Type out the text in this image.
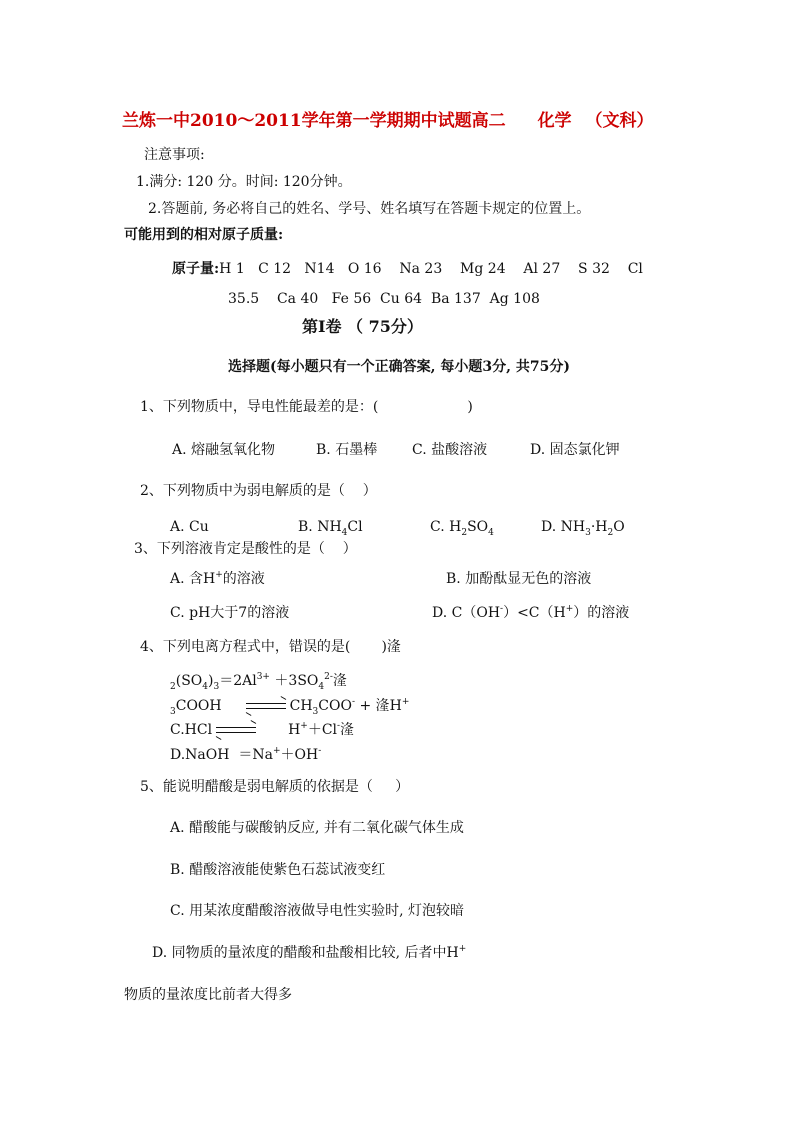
兰炼一中2010～2011学年第一学期期中试题高二 化学 （文科）
注意事项:
1.满分: 120 分。时间: 120分钟。
2.答题前, 务必将自己的姓名、学号、姓名填写在答题卡规定的位置上。
可能用到的相对原子质量:
原子量:H 1   C 12   N14   O 16    Na 23    Mg 24    Al 27    S 32    Cl
35.5    Ca 40   Fe 56  Cu 64  Ba 137  Ag 108
第I卷 （ 75分）
选择题(每小题只有一个正确答案, 每小题3分, 共75分)
1、下列物质中，导电性能最差的是：(                    )
A. 熔融氢氧化物	B. 石墨棒 C. 盐酸溶液	D. 固态氯化钾
2、下列物质中为弱电解质的是（    ）
A. Cu	B. $NH_4Cl$	C. $H_2SO_4$	D. $NH_3\cdot H_2O$
3、下列溶液肯定是酸性的是（    ）
A. 含H+的溶液	B. 加酚酞显无色的溶液
C. pH大于7的溶液	D. C（OH-）<C（H+）的溶液
4、下列电离方程式中，错误的是(       )湰
$_2(SO_4)_3=2Al^{3+} +3SO_4^{2-}$湰
$_3$COOH	$CH_3COO^-$ + 湰H+
C.HCl	H+＋Cl-湰
D.NaOH  ＝Na+＋OH-
5、能说明醋酸是弱电解质的依据是（     ）
A. 醋酸能与碳酸钠反应, 并有二氧化碳气体生成
B. 醋酸溶液能使紫色石蕊试液变红
C. 用某浓度醋酸溶液做导电性实验时, 灯泡较暗
D. 同物质的量浓度的醋酸和盐酸相比较, 后者中H+
物质的量浓度比前者大得多
